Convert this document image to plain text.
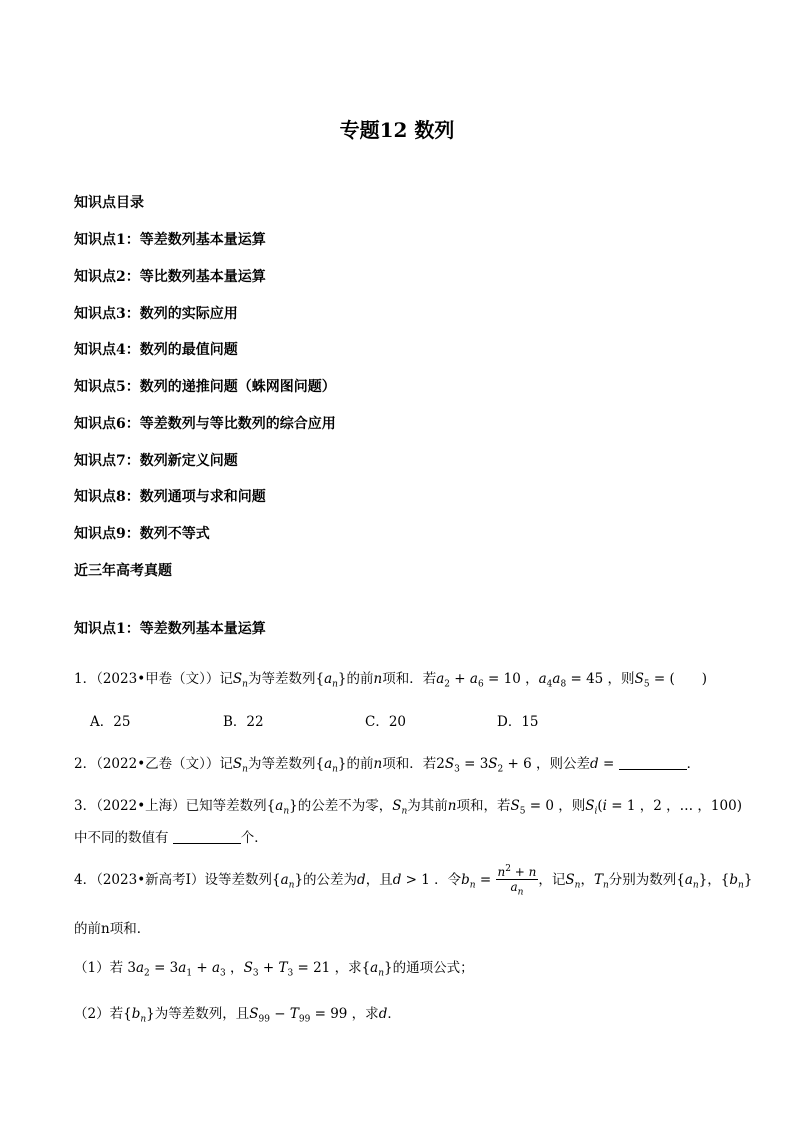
专题12 数列
知识点目录
知识点1：等差数列基本量运算
知识点2：等比数列基本量运算
知识点3：数列的实际应用
知识点4：数列的最值问题
知识点5：数列的递推问题（蛛网图问题）
知识点6：等差数列与等比数列的综合应用
知识点7：数列新定义问题
知识点8：数列通项与求和问题
知识点9：数列不等式
近三年高考真题
知识点1：等差数列基本量运算
1．（2023•甲卷（文））记$S_n$为等差数列$\{a_n\}$的前n项和．若$a_2 + a_6 = 10$ ，$a_4a_8 = 45$ ，则$S_5$ = (　　)
A．25	B．22	C．20	D．15
2．（2022•乙卷（文））记$S_n$为等差数列$\{a_n\}$的前n项和．若$2S_3 = 3S_2 + 6$ ，则公差d =	．
3．（2022•上海）已知等差数列$\{a_n\}$的公差不为零，$S_n$为其前n项和，若$S_5 = 0$ ，则$S_i(i = 1$ ，2 ，… ，100)
中不同的数值有	个．
4．（2023•新高考Ⅰ）设等差数列$\{a_n\}$的公差为d，且d > 1 ．令$b_n = \frac{n^2 + n}{a_n}$ ，记$S_n$，$T_n$分别为数列$\{a_n\}$，$\{b_n\}$
的前n项和．
（1）若 $3a_2 = 3a_1 + a_3$ ，$S_3 + T_3 = 21$ ，求$\{a_n\}$的通项公式；
（2）若$\{b_n\}$为等差数列，且$S_{99} - T_{99} = 99$ ，求d．
